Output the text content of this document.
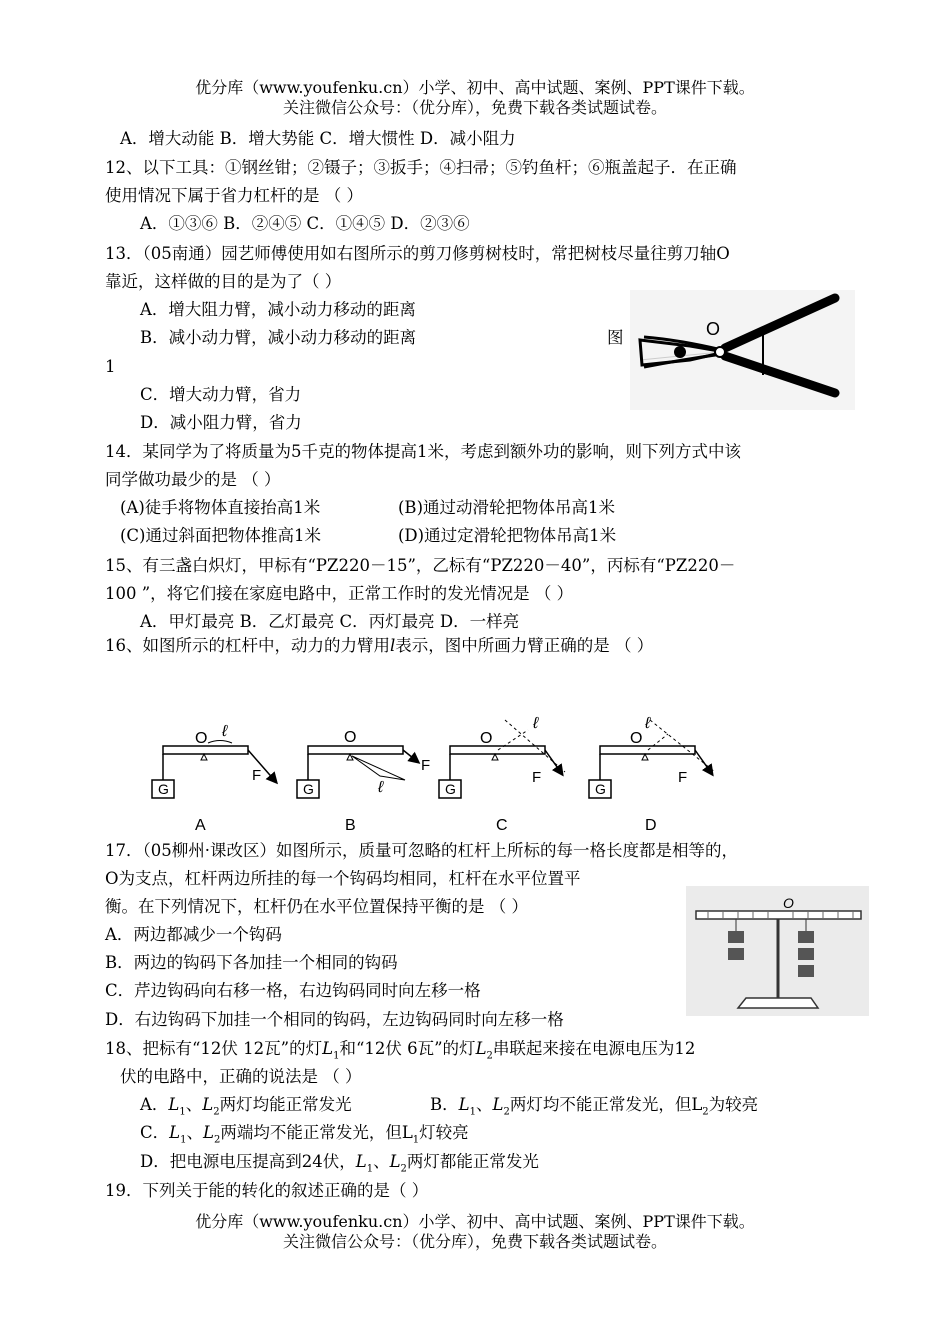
优分库（www.youfenku.cn）小学、初中、高中试题、案例、PPT课件下载。
关注微信公众号：（优分库），免费下载各类试题试卷。
A．增大动能 B．增大势能 C．增大惯性 D．减小阻力
12、以下工具：①钢丝钳；②镊子；③扳手；④扫帚；⑤钓鱼杆；⑥瓶盖起子．在正确
使用情况下属于省力杠杆的是 （ ）
A．①③⑥ B．②④⑤ C．①④⑤ D．②③⑥
13．（05南通）园艺师傅使用如右图所示的剪刀修剪树枝时，常把树枝尽量往剪刀轴O
靠近，这样做的目的是为了（ ）
A．增大阻力臂，减小动力移动的距离
B．减小动力臂，减小动力移动的距离	图
1
C．增大动力臂，省力
D．减小阻力臂，省力
O
14．某同学为了将质量为5千克的物体提高1米，考虑到额外功的影响，则下列方式中该
同学做功最少的是 （ ）
(A)徒手将物体直接抬高1米	(B)通过动滑轮把物体吊高1米
(C)通过斜面把物体推高1米	(D)通过定滑轮把物体吊高1米
15、有三盏白炽灯，甲标有“PZ220－15”，乙标有“PZ220－40”，丙标有“PZ220－
100 ”，将它们接在家庭电路中，正常工作时的发光情况是 （ ）
A．甲灯最亮 B．乙灯最亮 C．丙灯最亮 D．一样亮
16、如图所示的杠杆中，动力的力臂用l表示，图中所画力臂正确的是 （ ）
G
O ℓ
F
A
G
O
F
ℓ
B
G
O
ℓ
F
C
G
O
ℓ
F
D
17．（05柳州·课改区）如图所示，质量可忽略的杠杆上所标的每一格长度都是相等的，
O为支点，杠杆两边所挂的每一个钩码均相同，杠杆在水平位置平
衡。在下列情况下，杠杆仍在水平位置保持平衡的是 （ ）
A．两边都减少一个钩码
B．两边的钩码下各加挂一个相同的钩码
C．芹边钩码向右移一格，右边钩码同时向左移一格
D．右边钩码下加挂一个相同的钩码，左边钩码同时向左移一格
O
18、把标有“12伏 12瓦”的灯$L_1$和“12伏 6瓦”的灯$L_2$串联起来接在电源电压为12
伏的电路中，正确的说法是 （ ）
A．$L_1$、$L_2$两灯均能正常发光	B．$L_1$、$L_2$两灯均不能正常发光，但$L_2$为较亮
C．$L_1$、$L_2$两端均不能正常发光，但$L_1$灯较亮
D．把电源电压提高到24伏，$L_1$、$L_2$两灯都能正常发光
19．下列关于能的转化的叙述正确的是（ ）
优分库（www.youfenku.cn）小学、初中、高中试题、案例、PPT课件下载。
关注微信公众号：（优分库），免费下载各类试题试卷。
